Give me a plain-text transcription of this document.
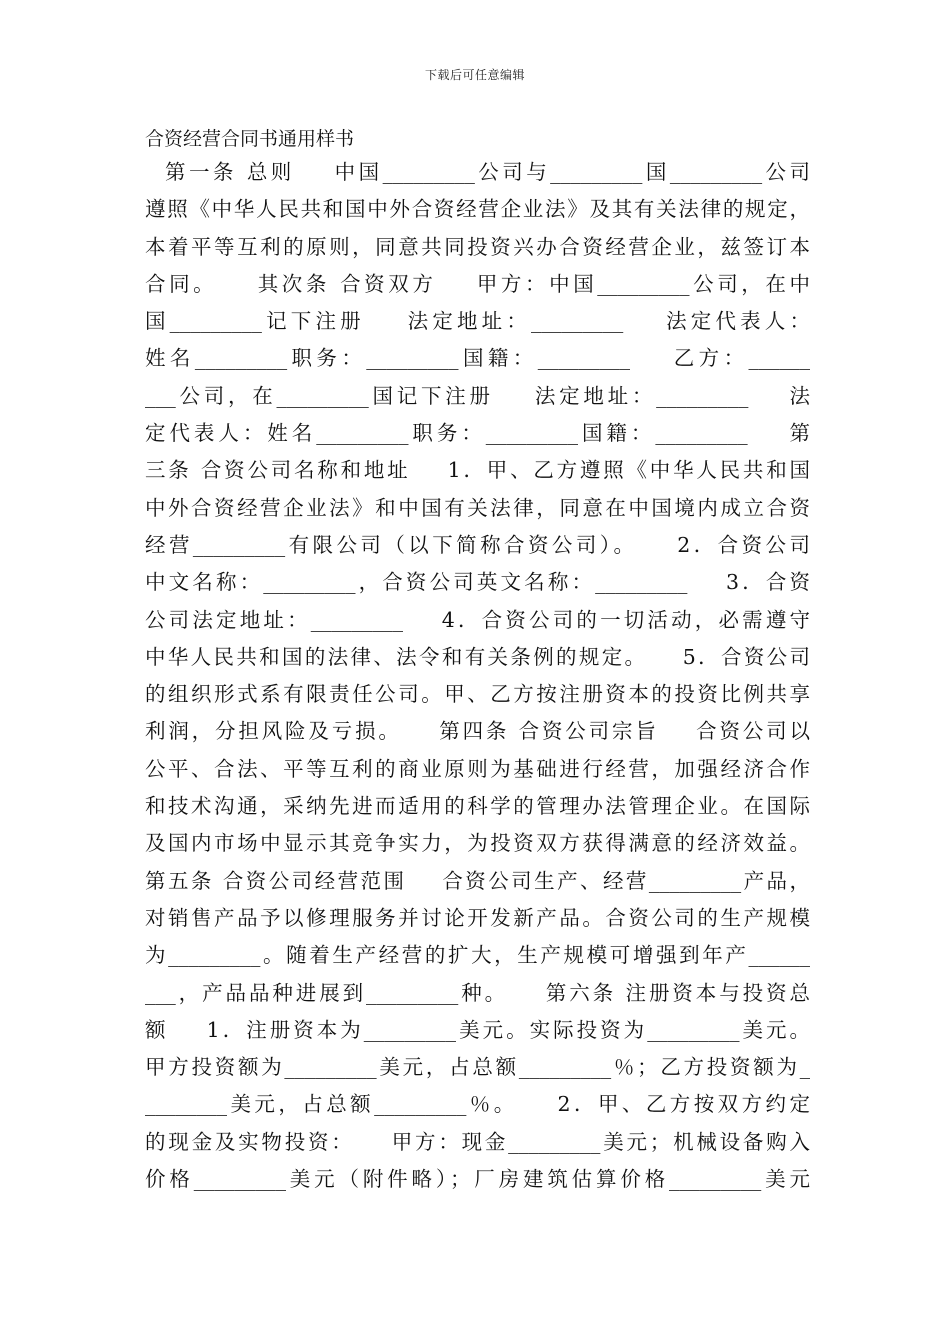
下载后可任意编辑
合资经营合同书通用样书
第一条 总则    中国_________公司与_________国_________公司
遵照《中华人民共和国中外合资经营企业法》及其有关法律的规定，
本着平等互利的原则，同意共同投资兴办合资经营企业，兹签订本
合同。    其次条 合资双方    甲方：中国_________公司，在中
国_________记下注册    法定地址：_________    法定代表人：
姓名_________职务：_________国籍：_________    乙方：______
___公司，在_________国记下注册    法定地址：_________    法
定代表人：姓名_________职务：_________国籍：_________    第
三条 合资公司名称和地址    1．甲、乙方遵照《中华人民共和国
中外合资经营企业法》和中国有关法律，同意在中国境内成立合资
经营_________有限公司（以下简称合资公司）。    2．合资公司
中文名称：_________，合资公司英文名称：_________    3．合资
公司法定地址：_________    4．合资公司的一切活动，必需遵守
中华人民共和国的法律、法令和有关条例的规定。    5．合资公司
的组织形式系有限责任公司。甲、乙方按注册资本的投资比例共享
利润，分担风险及亏损。    第四条 合资公司宗旨    合资公司以
公平、合法、平等互利的商业原则为基础进行经营，加强经济合作
和技术沟通，采纳先进而适用的科学的管理办法管理企业。在国际
及国内市场中显示其竞争实力，为投资双方获得满意的经济效益。
第五条 合资公司经营范围    合资公司生产、经营_________产品，
对销售产品予以修理服务并讨论开发新产品。合资公司的生产规模
为_________。随着生产经营的扩大，生产规模可增强到年产______
___，产品品种进展到_________种。    第六条 注册资本与投资总
额    1．注册资本为_________美元。实际投资为_________美元。
甲方投资额为_________美元，占总额_________％；乙方投资额为_
________美元，占总额_________％。    2．甲、乙方按双方约定
的现金及实物投资：    甲方：现金_________美元；机械设备购入
价格_________美元（附件略）；厂房建筑估算价格_________美元
